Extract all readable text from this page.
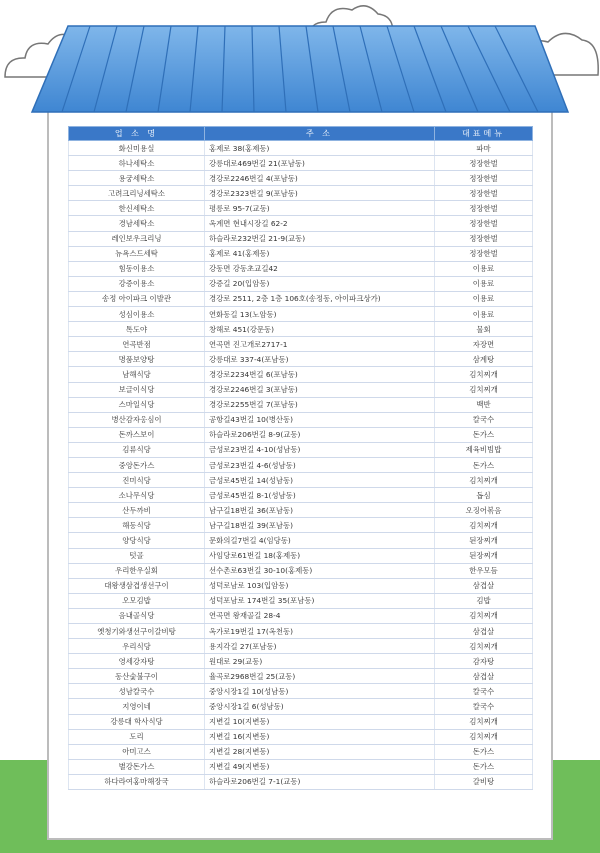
업 소 명	주 소	대표메뉴
화신미용실	홍제로 38(홍제동)	파마
하나세탁소	강릉대로469번길 21(포남동)	정장한벌
용궁세탁소	경강로2246번길 4(포남동)	정장한벌
고려크리닝세탁소	경강로2323번길 9(포남동)	정장한벌
한신세탁소	평릉로 95-7(교동)	정장한벌
경남세탁소	옥계면 현내시장길 62-2	정장한벌
레인보우크리닝	하슬라로232번길 21-9(교동)	정장한벌
뉴욕스드세탁	홍제로 41(홍제동)	정장한벌
힘동이용소	강동면 강동초교길42	이용료
강증이용소	강증길 20(입암동)	이용료
송정 아이파크 이발관	경강로 2511, 2층 1층 106호(송정동, 아이파크상가)	이용료
성심이용소	연화동길 13(노암동)	이용료
톡도야	창해로 451(강문동)	물회
연곡반점	연곡면 진고개로2717-1	자장면
명품보양탕	강릉대로 337-4(포남동)	삼계탕
남해식당	경강로2234번길 6(포남동)	김치찌개
보글이식당	경강로2246번길 3(포남동)	김치찌개
스마일식당	경강로2255번길 7(포남동)	백반
병산감자옹심이	공항길43번길 10(병산동)	칼국수
돈까스보이	하슬라로206번길 8-9(교동)	돈가스
김류식당	금성로23번길 4-10(성남동)	제육비빔밥
중앙돈가스	금성로23번길 4-6(성남동)	돈가스
진미식당	금성로45번길 14(성남동)	김치찌개
소나무식당	금성로45번길 8-1(성남동)	돕심
산두까비	남구길18번길 36(포남동)	오징어볶음
해동식당	남구길18번길 39(포남동)	김치찌개
양당식당	문화의길7번길 4(임당동)	된장찌개
텃골	사임당로61번길 18(홍제동)	된장찌개
우리한우실회	선수촌로63번길 30-10(홍제동)	한우모듬
대왕생삼겹생선구이	성덕로남로 103(입암동)	삼겹살
오모김밥	성덕포남로 174번길 35(포남동)	김밥
음내골식당	연곡면 왕재골길 28-4	김치찌개
옛청기와생선구이갈비탕	옥가로19번길 17(옥천동)	삼겹살
우리식당	용지각길 27(포남동)	김치찌개
영세강자탕	원대로 29(교동)	감자탕
동산숯불구이	율곡로2968번길 25(교동)	삼겹살
성남칼국수	중앙시장1길 10(성남동)	칼국수
지영이네	중앙시장1길 6(성남동)	칼국수
강릉대 학사식당	지변길 10(지변동)	김치찌개
도리	지변길 16(지변동)	김치찌개
아미고스	지변길 28(지변동)	돈가스
별강돈가스	지변길 49(지변동)	돈가스
하다라여홍마해장국	하슬라로206번길 7-1(교동)	갈비탕
